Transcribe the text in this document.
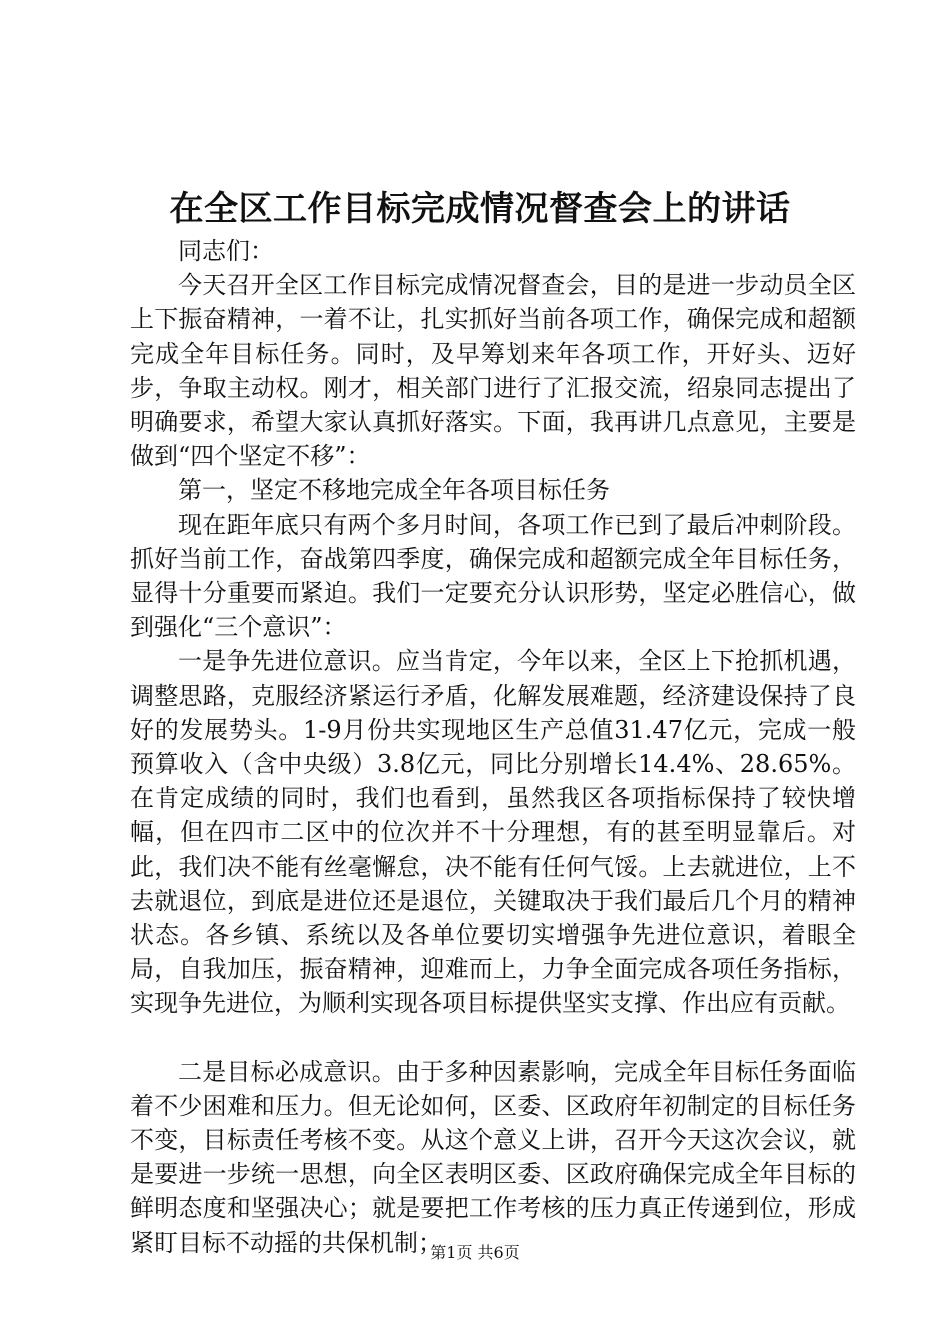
在全区工作目标完成情况督查会上的讲话

同志们：

今天召开全区工作目标完成情况督查会，目的是进一步动员全区上下振奋精神，一着不让，扎实抓好当前各项工作，确保完成和超额完成全年目标任务。同时，及早筹划来年各项工作，开好头、迈好步，争取主动权。刚才，相关部门进行了汇报交流，绍泉同志提出了明确要求，希望大家认真抓好落实。下面，我再讲几点意见，主要是做到“四个坚定不移”：

第一，坚定不移地完成全年各项目标任务

现在距年底只有两个多月时间，各项工作已到了最后冲刺阶段。抓好当前工作，奋战第四季度，确保完成和超额完成全年目标任务，显得十分重要而紧迫。我们一定要充分认识形势，坚定必胜信心，做到强化“三个意识”：

一是争先进位意识。应当肯定，今年以来，全区上下抢抓机遇，调整思路，克服经济紧运行矛盾，化解发展难题，经济建设保持了良好的发展势头。1-9月份共实现地区生产总值31.47亿元，完成一般预算收入（含中央级）3.8亿元，同比分别增长14.4%、28.65%。在肯定成绩的同时，我们也看到，虽然我区各项指标保持了较快增幅，但在四市二区中的位次并不十分理想，有的甚至明显靠后。对此，我们决不能有丝毫懈怠，决不能有任何气馁。上去就进位，上不去就退位，到底是进位还是退位，关键取决于我们最后几个月的精神状态。各乡镇、系统以及各单位要切实增强争先进位意识，着眼全局，自我加压，振奋精神，迎难而上，力争全面完成各项任务指标，实现争先进位，为顺利实现各项目标提供坚实支撑、作出应有贡献。

二是目标必成意识。由于多种因素影响，完成全年目标任务面临着不少困难和压力。但无论如何，区委、区政府年初制定的目标任务不变，目标责任考核不变。从这个意义上讲，召开今天这次会议，就是要进一步统一思想，向全区表明区委、区政府确保完成全年目标的鲜明态度和坚强决心；就是要把工作考核的压力真正传递到位，形成紧盯目标不动摇的共保机制；

第1页 共6页
